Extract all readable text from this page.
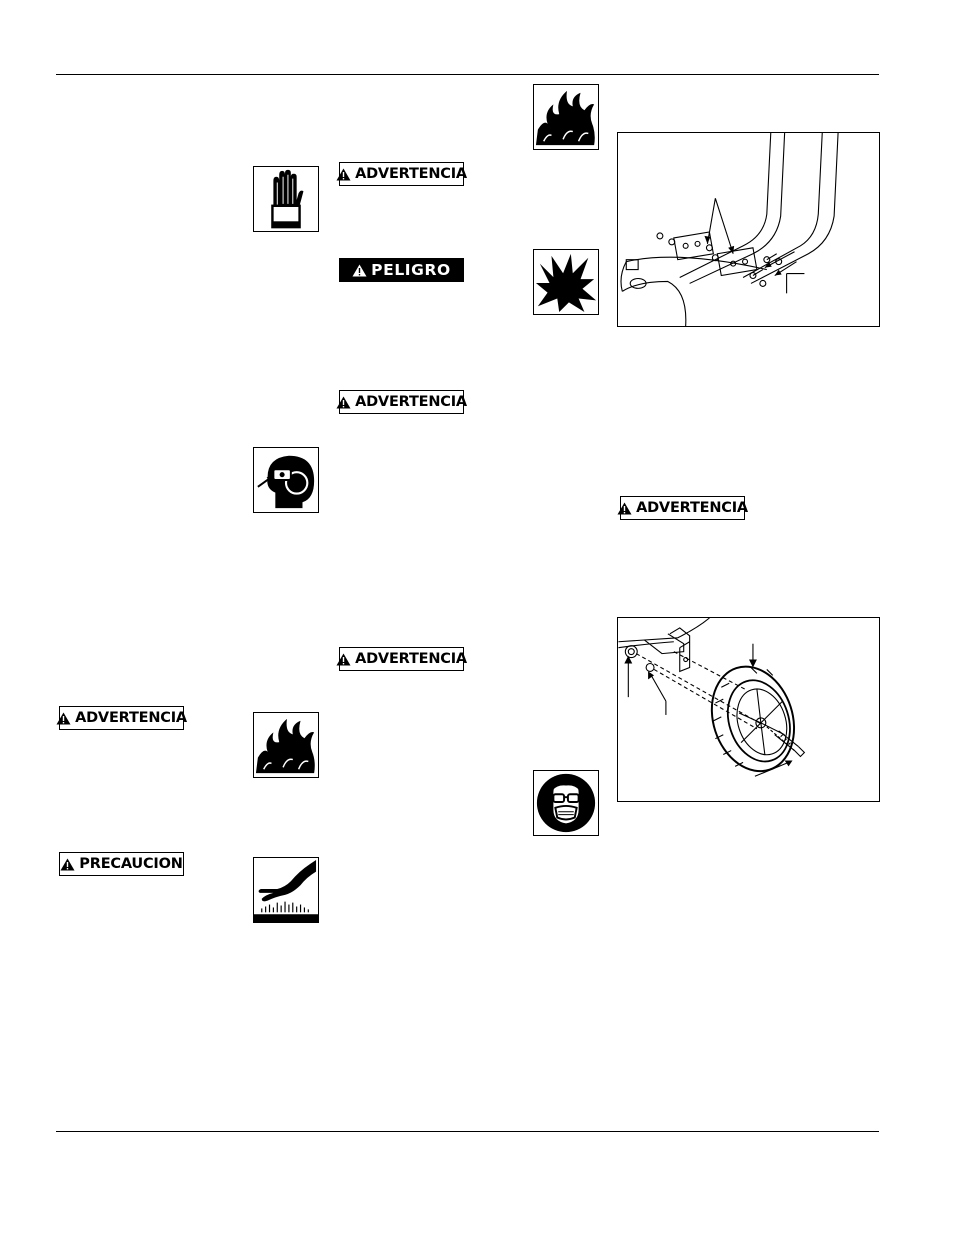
ADVERTENCIA
PELIGRO
ADVERTENCIA
ADVERTENCIA
ADVERTENCIA
PRECAUCION
ADVERTENCIA
